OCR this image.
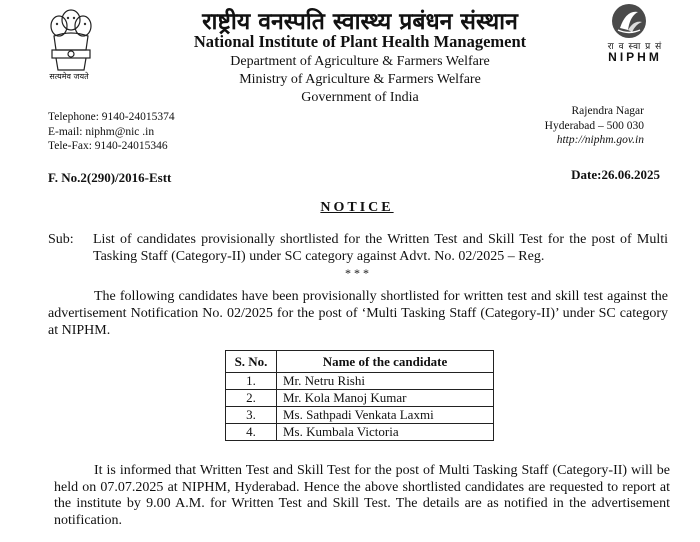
सत्यमेव जयते
रा व स्वा प्र सं
NIPHM
राष्ट्रीय वनस्पति स्वास्थ्य प्रबंधन संस्थान
National Institute of Plant Health Management
Department of Agriculture & Farmers Welfare
Ministry of Agriculture & Farmers Welfare
Government of India
Telephone: 9140-24015374
E-mail: niphm@nic .in
Tele-Fax: 9140-24015346
Rajendra Nagar
Hyderabad – 500 030
http://niphm.gov.in
F. No.2(290)/2016-Estt	Date:26.06.2025
NOTICE
Sub: List of candidates provisionally shortlisted for the Written Test and Skill Test for the post of Multi Tasking Staff (Category-II) under SC category against Advt. No. 02/2025 – Reg.
* * *
The following candidates have been provisionally shortlisted for written test and skill test against the advertisement Notification No. 02/2025 for the post of ‘Multi Tasking Staff (Category-II)’ under SC category at NIPHM.
S. No.	Name of the candidate
1.	Mr. Netru Rishi
2.	Mr. Kola Manoj Kumar
3.	Ms. Sathpadi Venkata Laxmi
4.	Ms. Kumbala Victoria
It is informed that Written Test and Skill Test for the post of Multi Tasking Staff (Category-II) will be held on 07.07.2025 at NIPHM, Hyderabad. Hence the above shortlisted candidates are requested to report at the institute by 9.00 A.M. for Written Test and Skill Test. The details are as notified in the advertisement notification.
